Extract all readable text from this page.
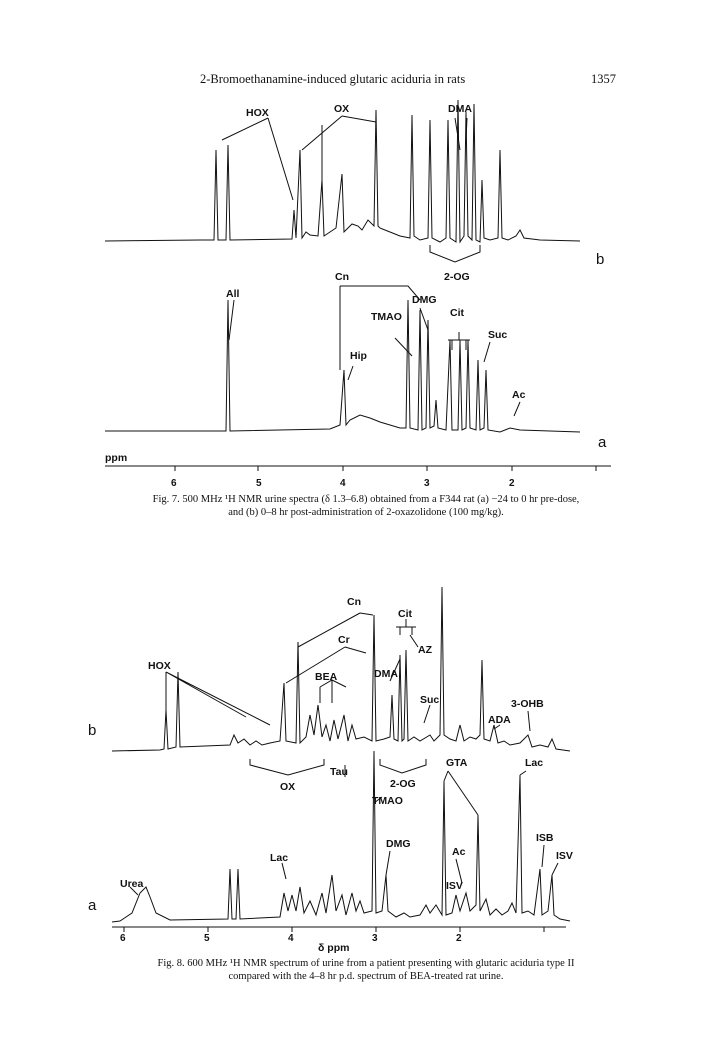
2-Bromoethanamine-induced glutaric aciduria in rats	1357
HOX	OX	DMA
2-OG
b
All
Cn
DMG
TMAO	Cit
Suc
Hip
Ac
a
ppm
6	5	4	3	2
Fig. 7. 500 MHz ¹H NMR urine spectra (δ 1.3–6.8) obtained from a F344 rat (a) −24 to 0 hr pre-dose,
and (b) 0–8 hr post-administration of 2-oxazolidone (100 mg/kg).
Cn
Cit
AZ
Cr
HOX
BEA	DMA
Suc	3-OHB
ADA
b
OX
Tau
2-OG
GTA	Lac
TMAO
DMG
Ac
ISB
ISV
ISV
Lac
Urea
a
6	5	4	3	2
δ ppm
Fig. 8. 600 MHz ¹H NMR spectrum of urine from a patient presenting with glutaric aciduria type II
compared with the 4–8 hr p.d. spectrum of BEA-treated rat urine.
